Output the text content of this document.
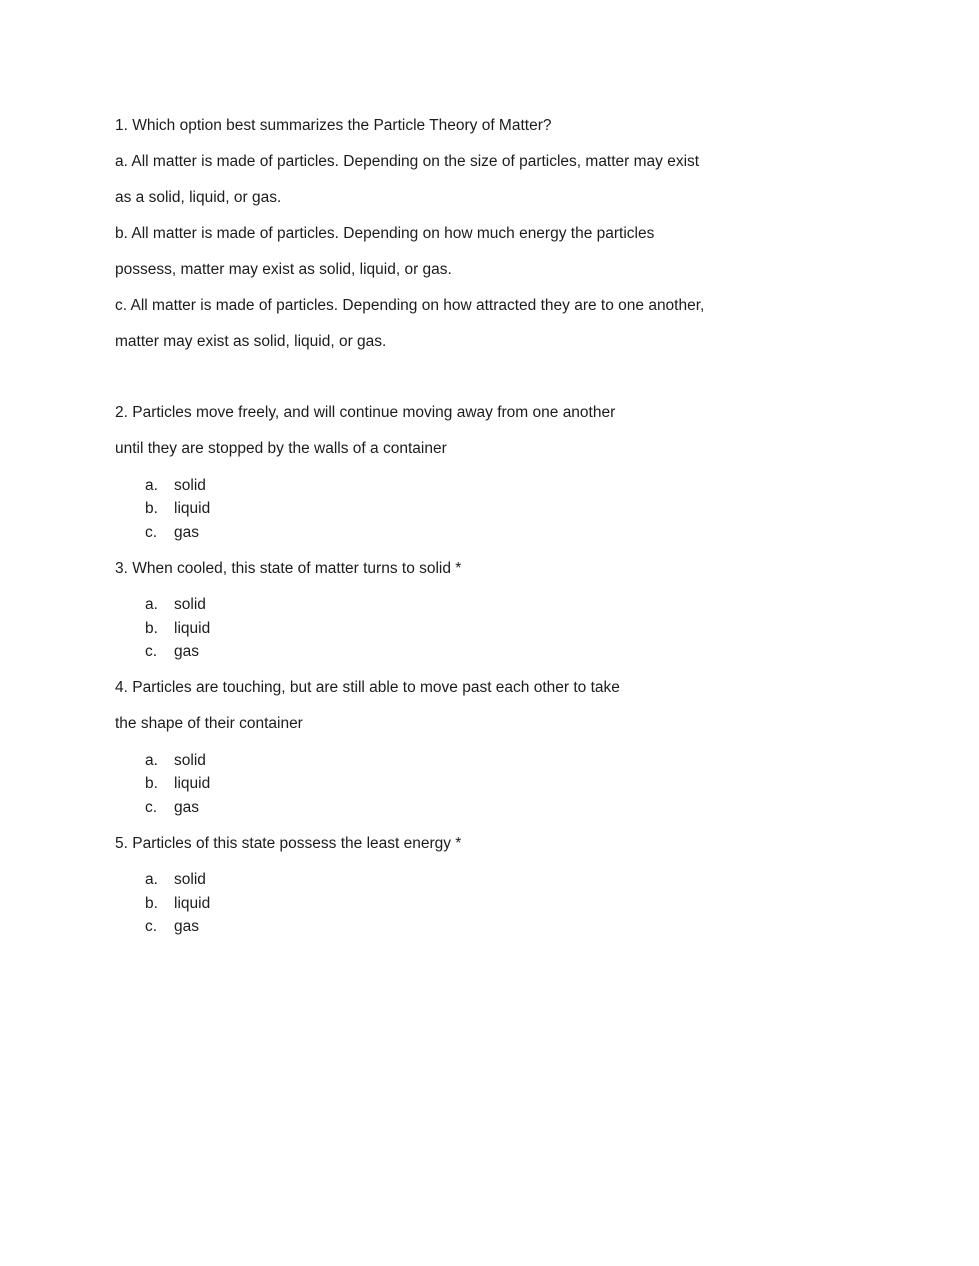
1. Which option best summarizes the Particle Theory of Matter?
a. All matter is made of particles. Depending on the size of particles, matter may exist
as a solid, liquid, or gas.
b. All matter is made of particles. Depending on how much energy the particles
possess, matter may exist as solid, liquid, or gas.
c. All matter is made of particles. Depending on how attracted they are to one another,
matter may exist as solid, liquid, or gas.
2. Particles move freely, and will continue moving away from one another
until they are stopped by the walls of a container
a.	solid
b.	liquid
c.	gas
3. When cooled, this state of matter turns to solid *
a.	solid
b.	liquid
c.	gas
4. Particles are touching, but are still able to move past each other to take
the shape of their container
a.	solid
b.	liquid
c.	gas
5. Particles of this state possess the least energy *
a.	solid
b.	liquid
c.	gas
